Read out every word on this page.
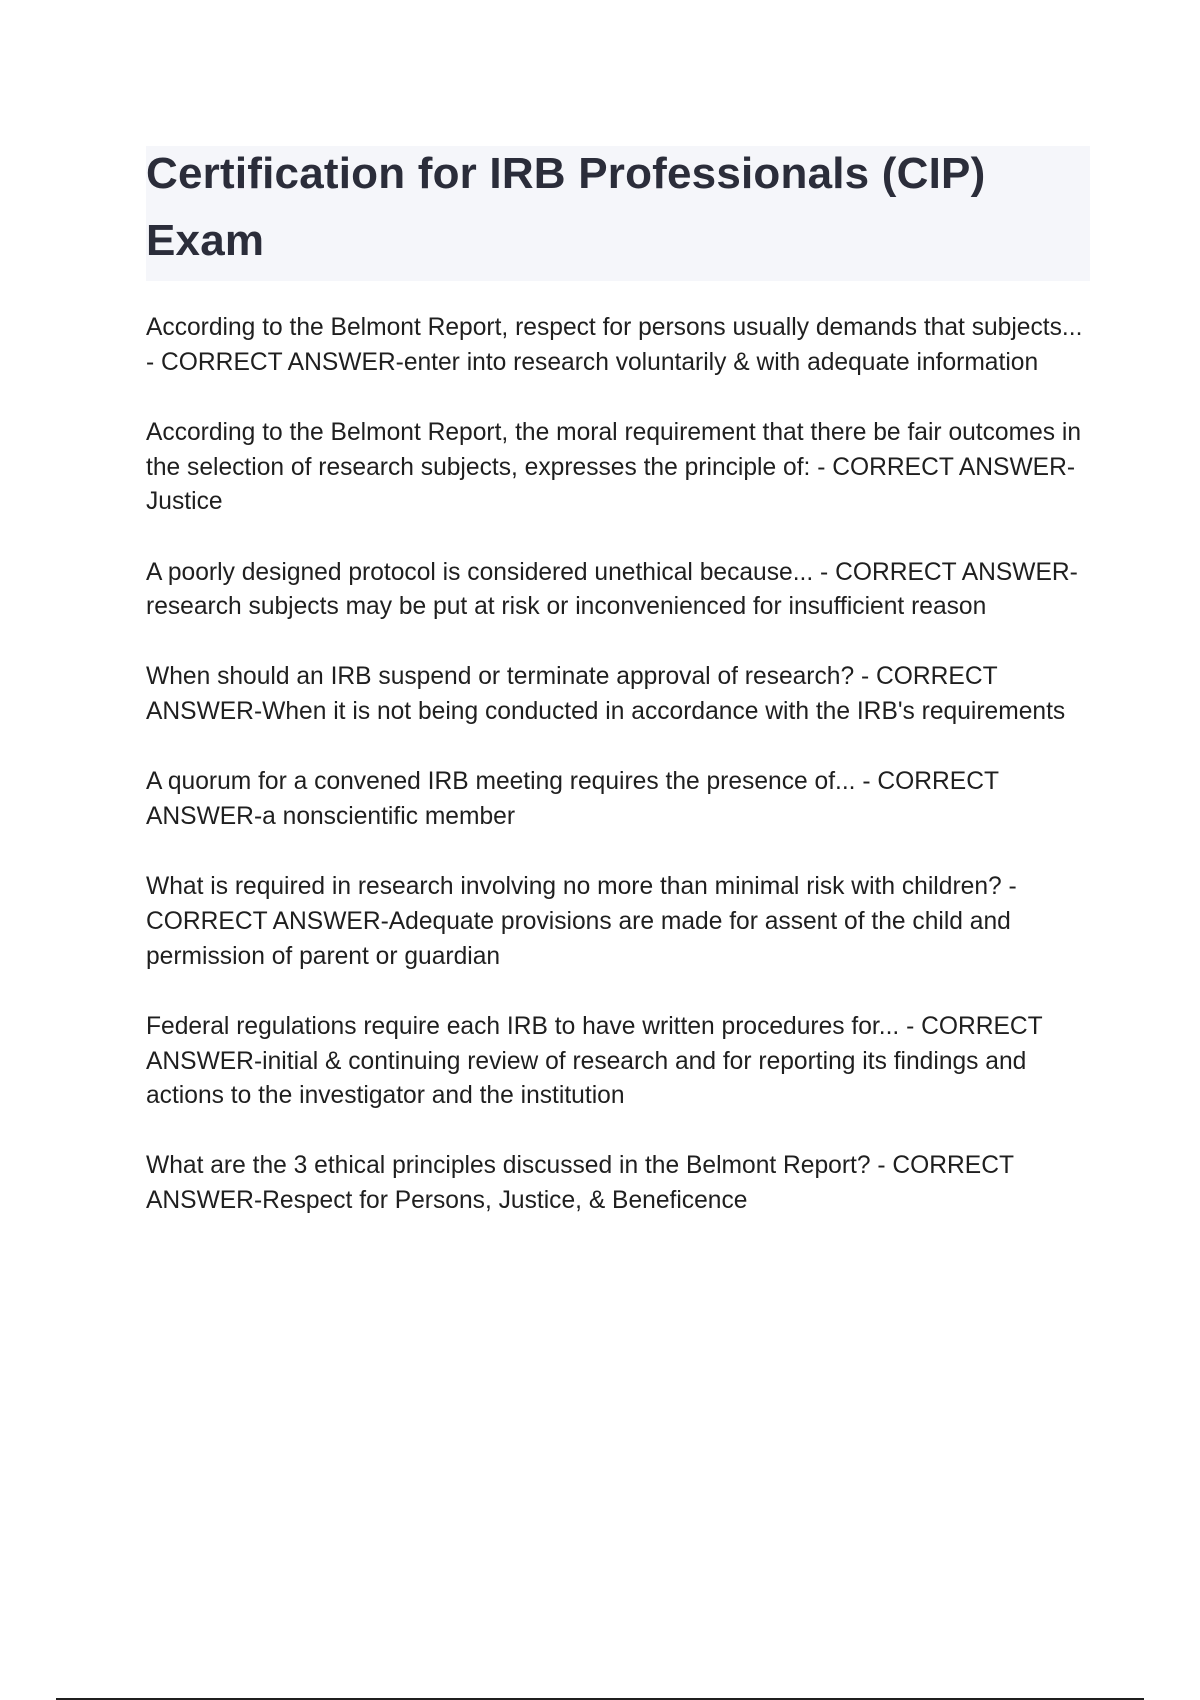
Certification for IRB Professionals (CIP) Exam

According to the Belmont Report, respect for persons usually demands that subjects... - CORRECT ANSWER-enter into research voluntarily & with adequate information

According to the Belmont Report, the moral requirement that there be fair outcomes in the selection of research subjects, expresses the principle of: - CORRECT ANSWER-Justice

A poorly designed protocol is considered unethical because... - CORRECT ANSWER-research subjects may be put at risk or inconvenienced for insufficient reason

When should an IRB suspend or terminate approval of research? - CORRECT ANSWER-When it is not being conducted in accordance with the IRB's requirements

A quorum for a convened IRB meeting requires the presence of... - CORRECT ANSWER-a nonscientific member

What is required in research involving no more than minimal risk with children? - CORRECT ANSWER-Adequate provisions are made for assent of the child and permission of parent or guardian

Federal regulations require each IRB to have written procedures for... - CORRECT ANSWER-initial & continuing review of research and for reporting its findings and actions to the investigator and the institution

What are the 3 ethical principles discussed in the Belmont Report? - CORRECT ANSWER-Respect for Persons, Justice, & Beneficence
